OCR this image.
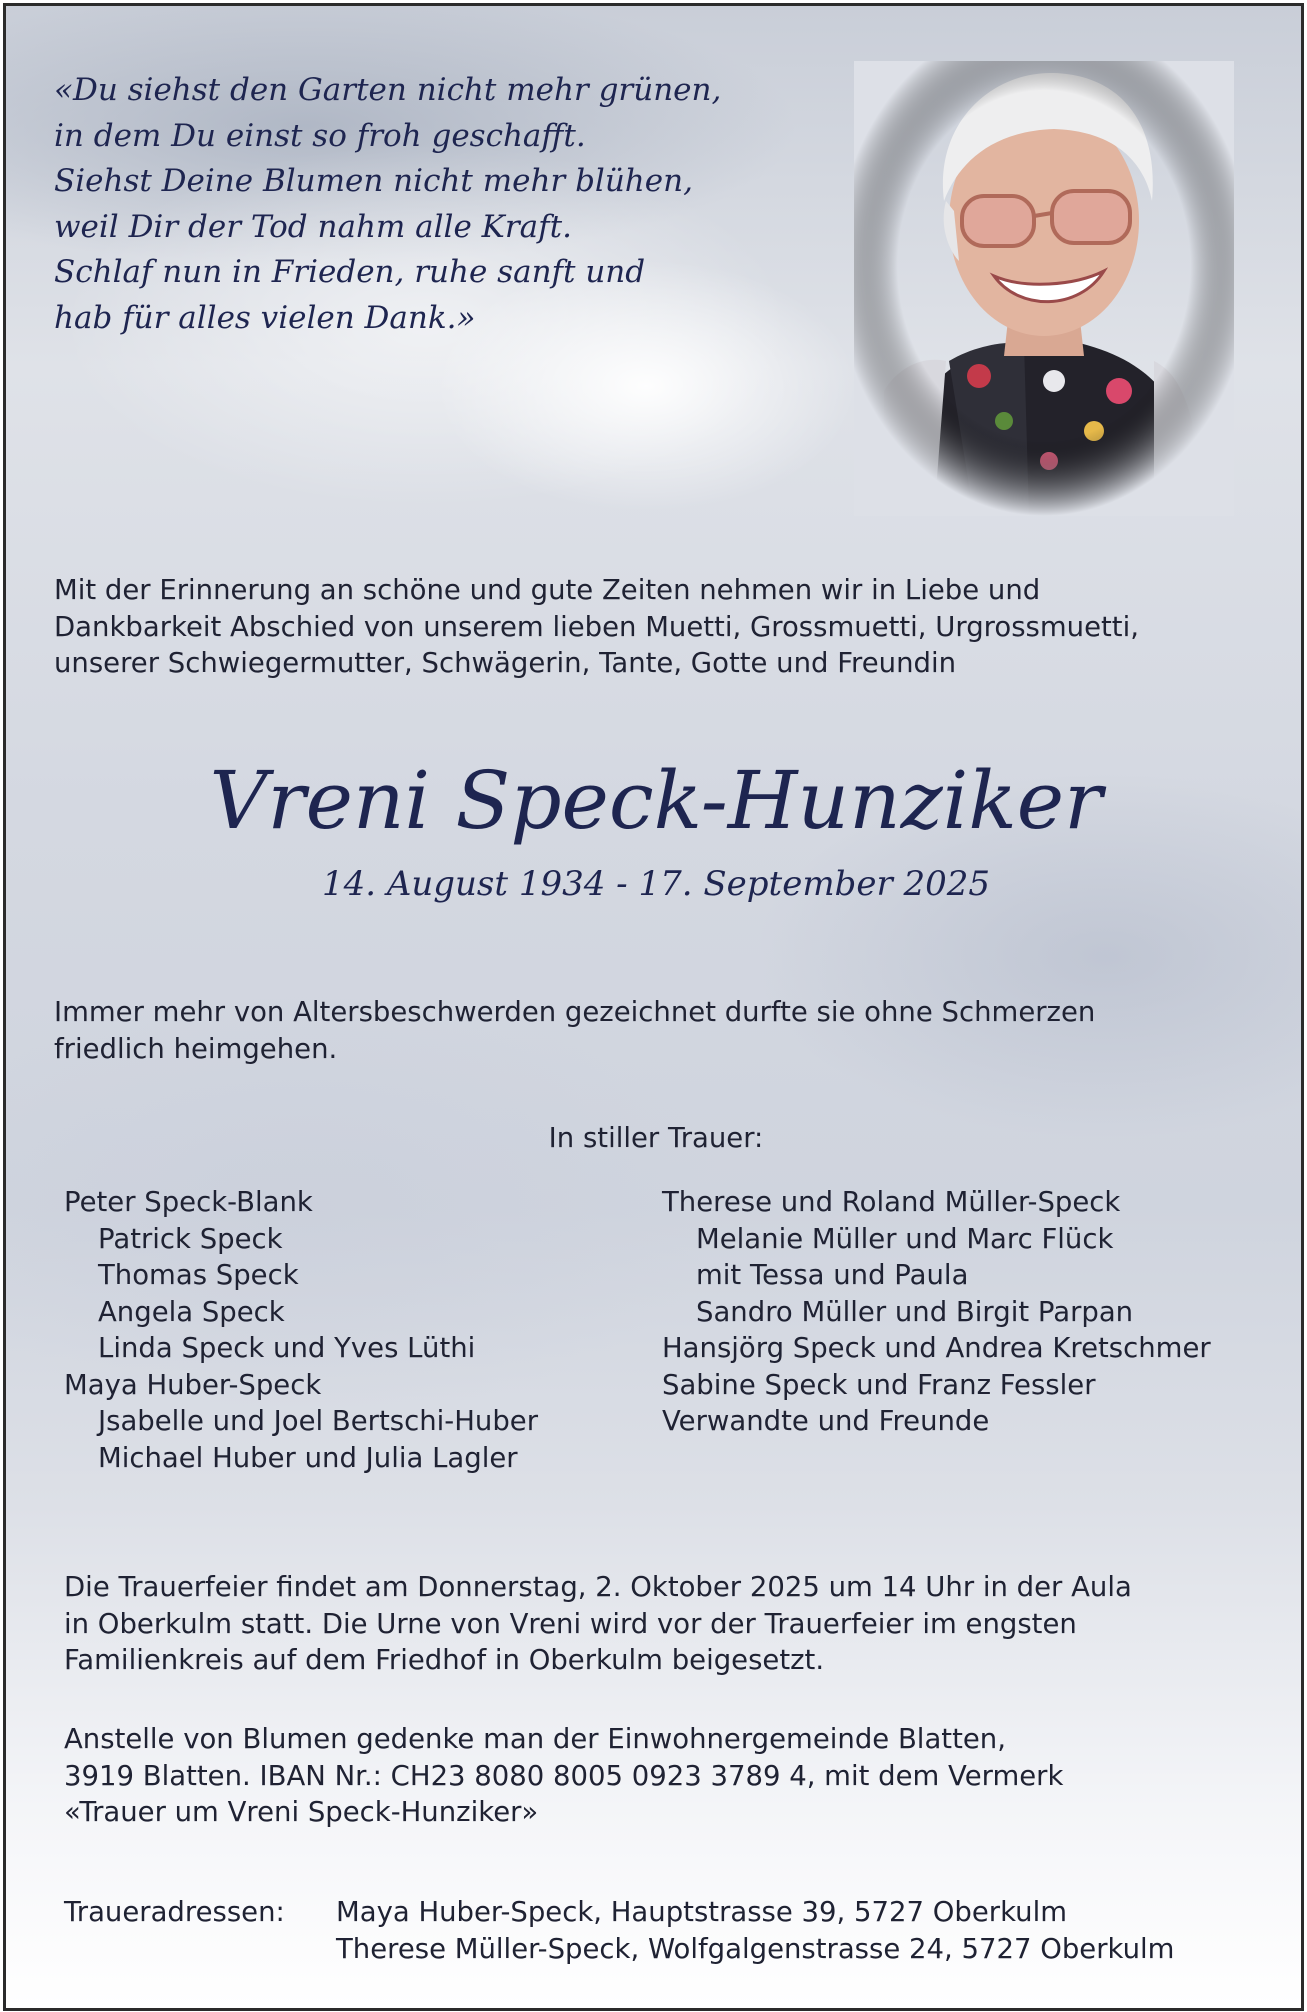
«Du siehst den Garten nicht mehr grünen,
in dem Du einst so froh geschafft.
Siehst Deine Blumen nicht mehr blühen,
weil Dir der Tod nahm alle Kraft.
Schlaf nun in Frieden, ruhe sanft und
hab für alles vielen Dank.»
Mit der Erinnerung an schöne und gute Zeiten nehmen wir in Liebe und
Dankbarkeit Abschied von unserem lieben Muetti, Grossmuetti, Urgrossmuetti,
unserer Schwiegermutter, Schwägerin, Tante, Gotte und Freundin
Vreni Speck-Hunziker
14. August 1934 - 17. September 2025
Immer mehr von Altersbeschwerden gezeichnet durfte sie ohne Schmerzen
friedlich heimgehen.
In stiller Trauer:
Peter Speck-Blank
Patrick Speck
Thomas Speck
Angela Speck
Linda Speck und Yves Lüthi
Maya Huber-Speck
Jsabelle und Joel Bertschi-Huber
Michael Huber und Julia Lagler
Therese und Roland Müller-Speck
Melanie Müller und Marc Flück
mit Tessa und Paula
Sandro Müller und Birgit Parpan
Hansjörg Speck und Andrea Kretschmer
Sabine Speck und Franz Fessler
Verwandte und Freunde
Die Trauerfeier findet am Donnerstag, 2. Oktober 2025 um 14 Uhr in der Aula
in Oberkulm statt. Die Urne von Vreni wird vor der Trauerfeier im engsten
Familienkreis auf dem Friedhof in Oberkulm beigesetzt.
Anstelle von Blumen gedenke man der Einwohnergemeinde Blatten,
3919 Blatten. IBAN Nr.: CH23 8080 8005 0923 3789 4, mit dem Vermerk
«Trauer um Vreni Speck-Hunziker»
Traueradressen: Maya Huber-Speck, Hauptstrasse 39, 5727 Oberkulm
Therese Müller-Speck, Wolfgalgenstrasse 24, 5727 Oberkulm
